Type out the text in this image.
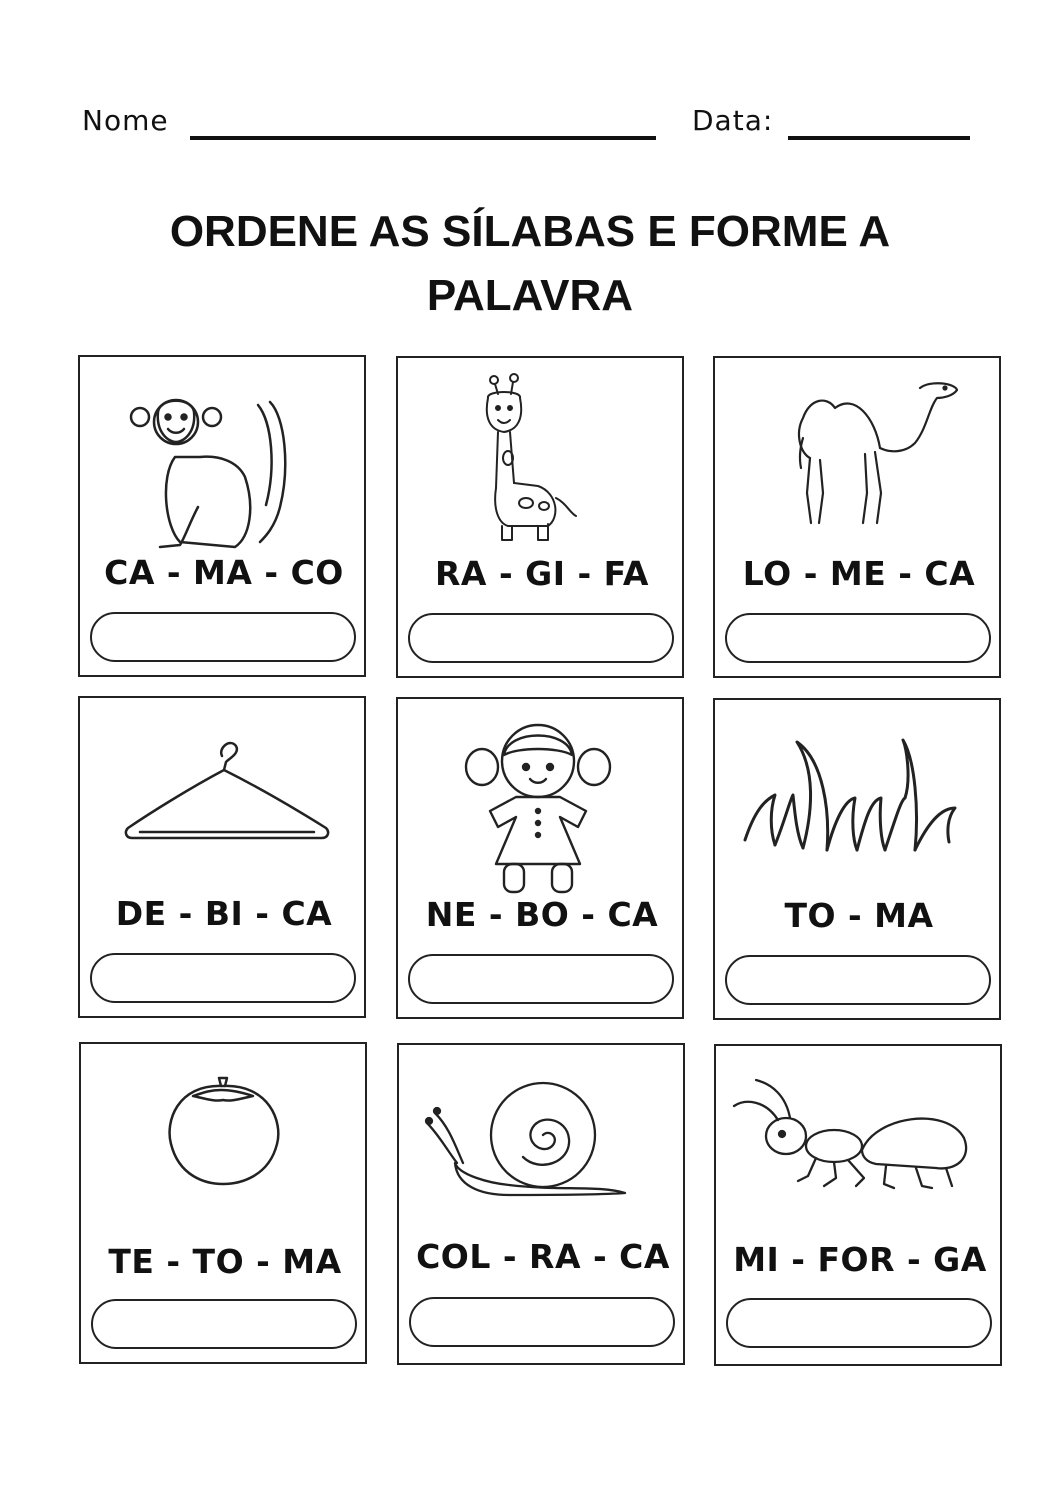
Nome	Data:
ORDENE AS SÍLABAS E FORME A
PALAVRA
CA - MA - CO	RA - GI - FA	LO - ME - CA
DE - BI - CA	NE - BO - CA	TO - MA
TE - TO - MA	COL - RA - CA	MI - FOR - GA
